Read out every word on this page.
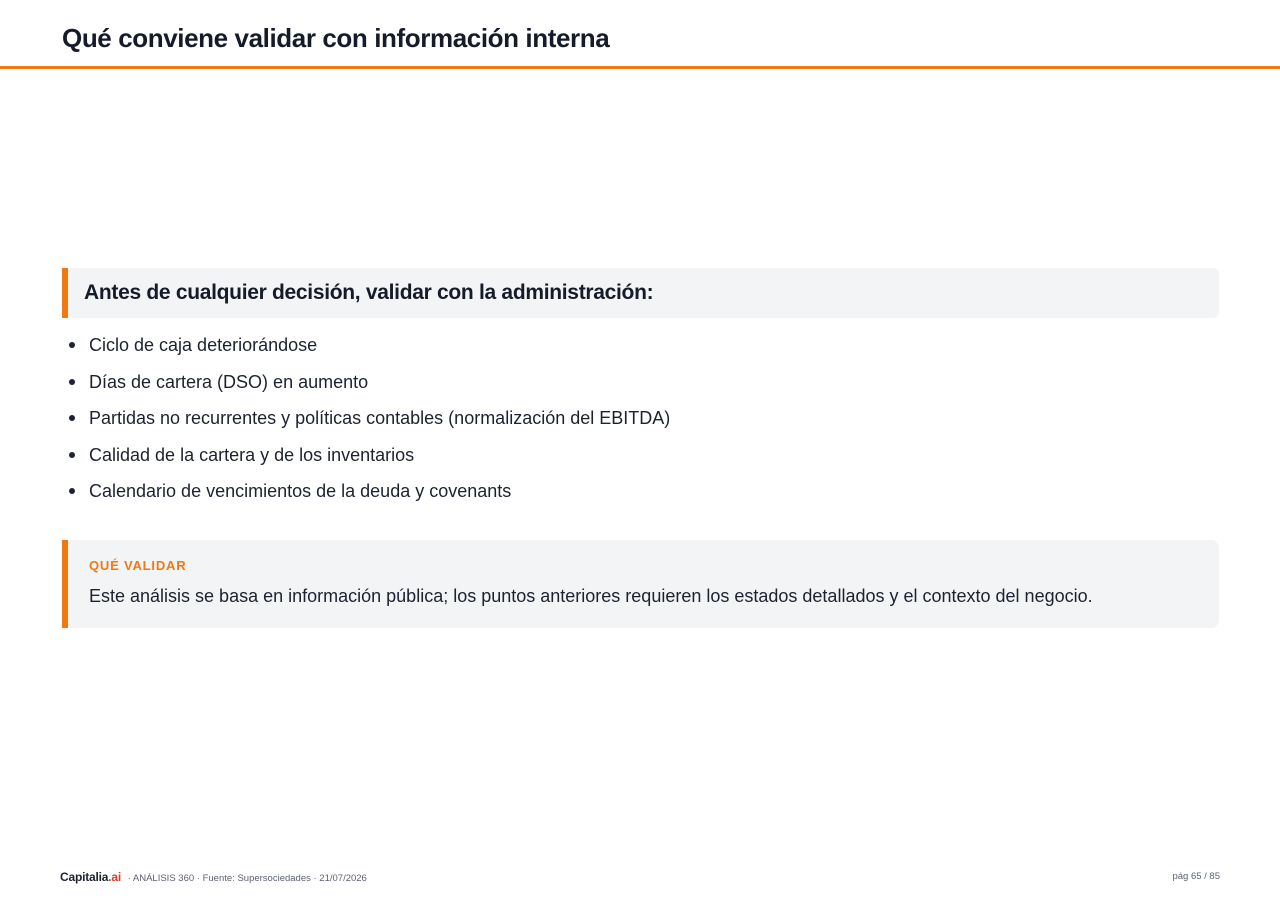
Qué conviene validar con información interna
Antes de cualquier decisión, validar con la administración:
Ciclo de caja deteriorándose
Días de cartera (DSO) en aumento
Partidas no recurrentes y políticas contables (normalización del EBITDA)
Calidad de la cartera y de los inventarios
Calendario de vencimientos de la deuda y covenants
QUÉ VALIDAR
Este análisis se basa en información pública; los puntos anteriores requieren los estados detallados y el contexto del negocio.
Capitalia.ai · ANÁLISIS 360 · Fuente: Supersociedades · 21/07/2026	pág 65 / 85
